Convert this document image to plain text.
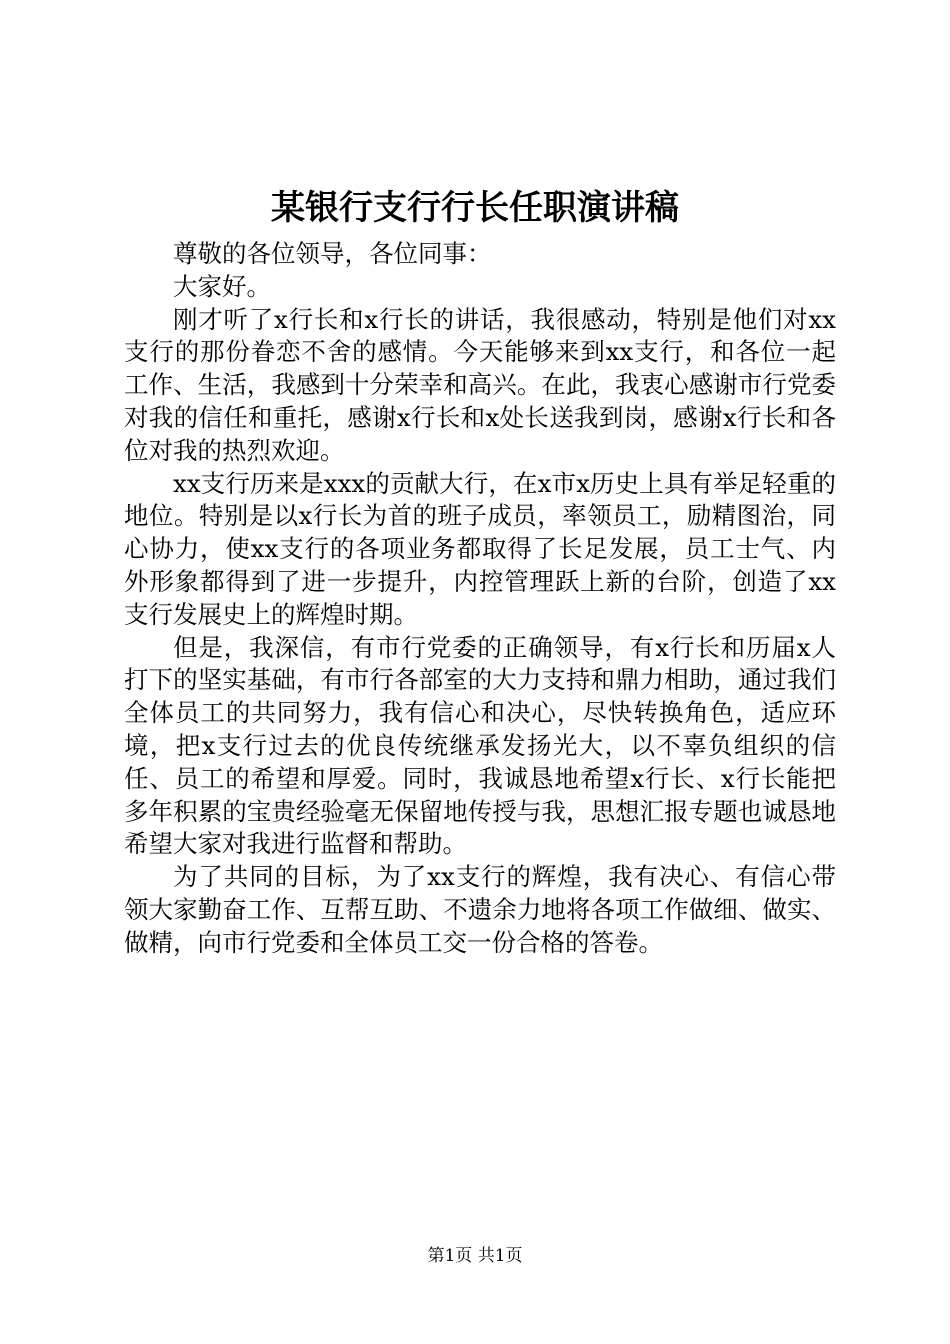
某银行支行行长任职演讲稿

尊敬的各位领导，各位同事：

大家好。

刚才听了x行长和x行长的讲话，我很感动，特别是他们对xx支行的那份眷恋不舍的感情。今天能够来到xx支行，和各位一起工作、生活，我感到十分荣幸和高兴。在此，我衷心感谢市行党委对我的信任和重托，感谢x行长和x处长送我到岗，感谢x行长和各位对我的热烈欢迎。

xx支行历来是xxx的贡献大行，在x市x历史上具有举足轻重的地位。特别是以x行长为首的班子成员，率领员工，励精图治，同心协力，使xx支行的各项业务都取得了长足发展，员工士气、内外形象都得到了进一步提升，内控管理跃上新的台阶，创造了xx支行发展史上的辉煌时期。

但是，我深信，有市行党委的正确领导，有x行长和历届x人打下的坚实基础，有市行各部室的大力支持和鼎力相助，通过我们全体员工的共同努力，我有信心和决心，尽快转换角色，适应环境，把x支行过去的优良传统继承发扬光大，以不辜负组织的信任、员工的希望和厚爱。同时，我诚恳地希望x行长、x行长能把多年积累的宝贵经验毫无保留地传授与我，思想汇报专题也诚恳地希望大家对我进行监督和帮助。

为了共同的目标，为了xx支行的辉煌，我有决心、有信心带领大家勤奋工作、互帮互助、不遗余力地将各项工作做细、做实、做精，向市行党委和全体员工交一份合格的答卷。

第1页 共1页
